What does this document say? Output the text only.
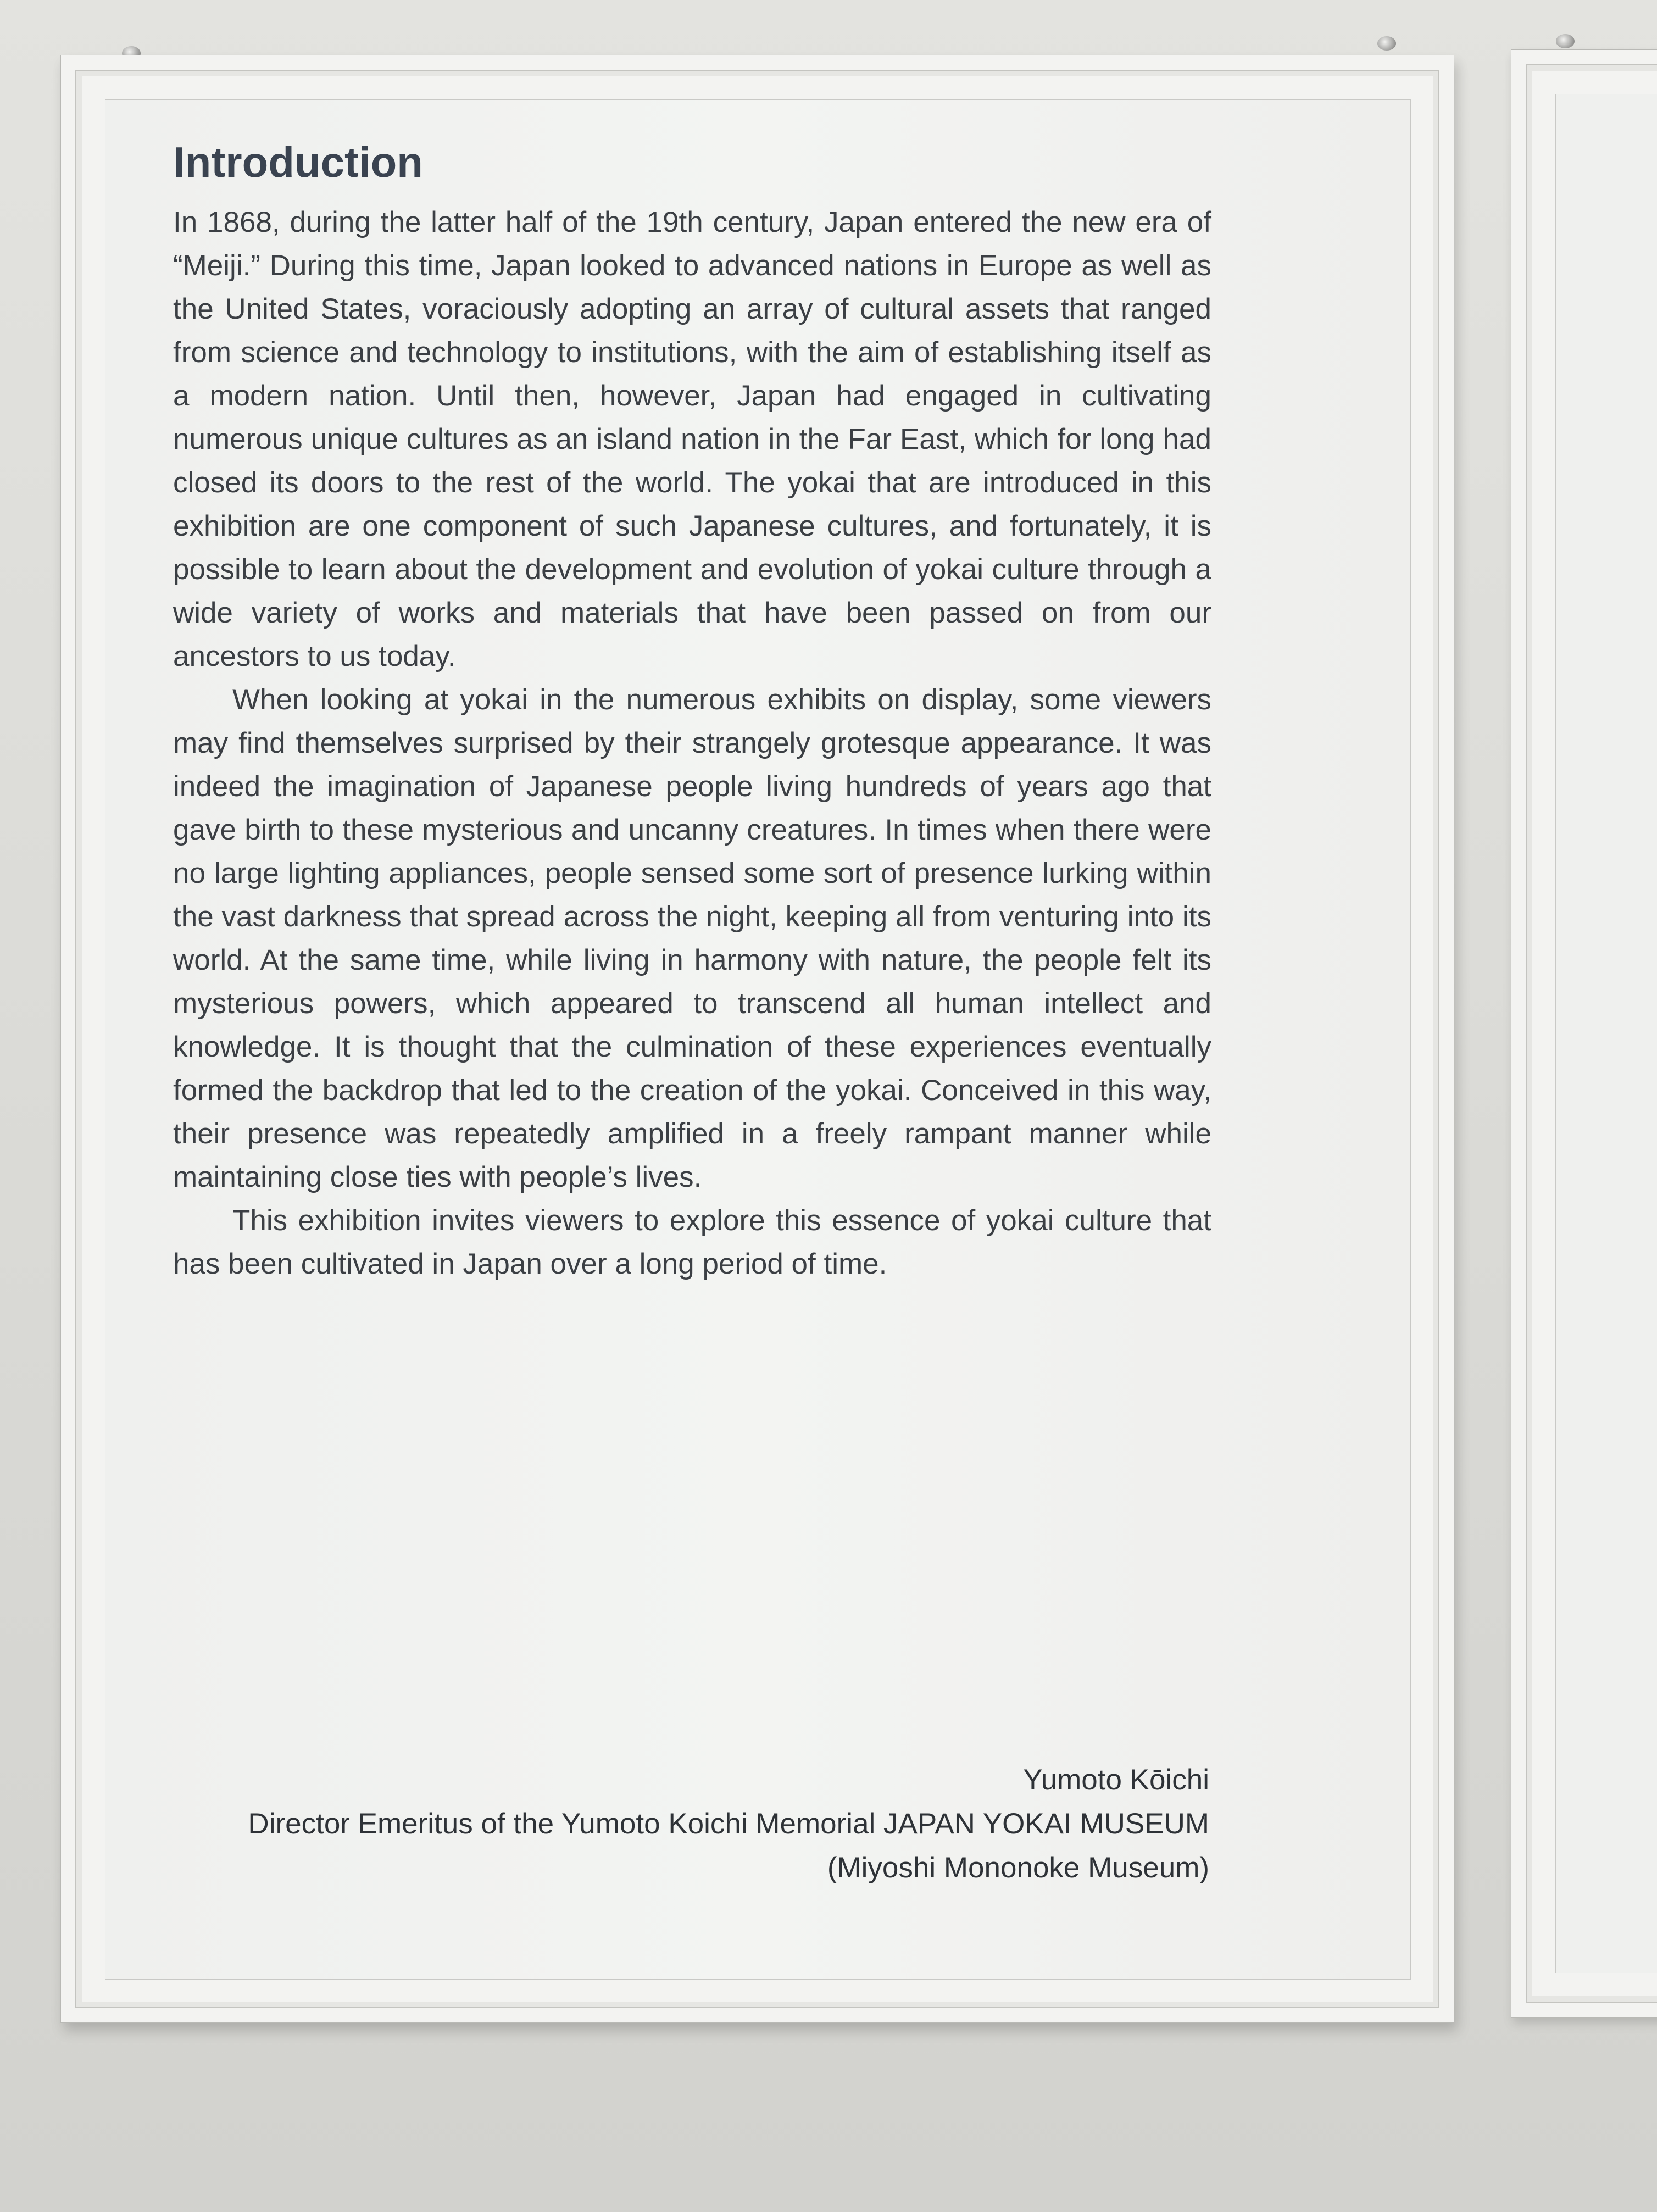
Introduction

In 1868, during the latter half of the 19th century, Japan entered the new era of “Meiji.” During this time, Japan looked to advanced nations in Europe as well as the United States, voraciously adopting an array of cultural assets that ranged from science and technology to institutions, with the aim of establishing itself as a modern nation. Until then, however, Japan had engaged in cultivating numerous unique cultures as an island nation in the Far East, which for long had closed its doors to the rest of the world. The yokai that are introduced in this exhibition are one component of such Japanese cultures, and fortunately, it is possible to learn about the development and evolution of yokai culture through a wide variety of works and materials that have been passed on from our ancestors to us today.

When looking at yokai in the numerous exhibits on display, some viewers may find themselves surprised by their strangely grotesque appearance. It was indeed the imagination of Japanese people living hundreds of years ago that gave birth to these mysterious and uncanny creatures. In times when there were no large lighting appliances, people sensed some sort of presence lurking within the vast darkness that spread across the night, keeping all from venturing into its world. At the same time, while living in harmony with nature, the people felt its mysterious powers, which appeared to transcend all human intellect and knowledge. It is thought that the culmination of these experiences eventually formed the backdrop that led to the creation of the yokai. Conceived in this way, their presence was repeatedly amplified in a freely rampant manner while maintaining close ties with people’s lives.

This exhibition invites viewers to explore this essence of yokai culture that has been cultivated in Japan over a long period of time.

Yumoto Kōichi
Director Emeritus of the Yumoto Koichi Memorial JAPAN YOKAI MUSEUM
(Miyoshi Mononoke Museum)
